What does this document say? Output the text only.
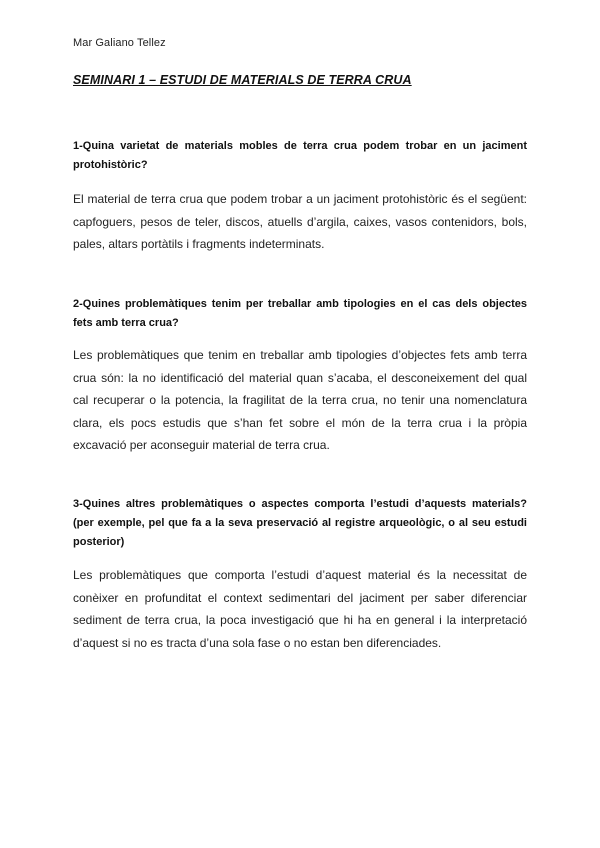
Mar Galiano Tellez
SEMINARI 1 – ESTUDI DE MATERIALS DE TERRA CRUA
1-Quina varietat de materials mobles de terra crua podem trobar en un jaciment protohistòric?
El material de terra crua que podem trobar a un jaciment protohistòric és el següent: capfoguers, pesos de teler, discos, atuells d’argila, caixes, vasos contenidors, bols, pales, altars portàtils i fragments indeterminats.
2-Quines problemàtiques tenim per treballar amb tipologies en el cas dels objectes fets amb terra crua?
Les problemàtiques que tenim en treballar amb tipologies d’objectes fets amb terra crua són: la no identificació del material quan s’acaba, el desconeixement del qual cal recuperar o la potencia, la fragilitat de la terra crua, no tenir una nomenclatura clara, els pocs estudis que s’han fet sobre el món de la terra crua i la pròpia excavació per aconseguir material de terra crua.
3-Quines altres problemàtiques o aspectes comporta l’estudi d’aquests materials? (per exemple, pel que fa a la seva preservació al registre arqueològic, o al seu estudi posterior)
Les problemàtiques que comporta l’estudi d’aquest material és la necessitat de conèixer en profunditat el context sedimentari del jaciment per saber diferenciar sediment de terra crua, la poca investigació que hi ha en general i la interpretació d’aquest si no es tracta d’una sola fase o no estan ben diferenciades.
